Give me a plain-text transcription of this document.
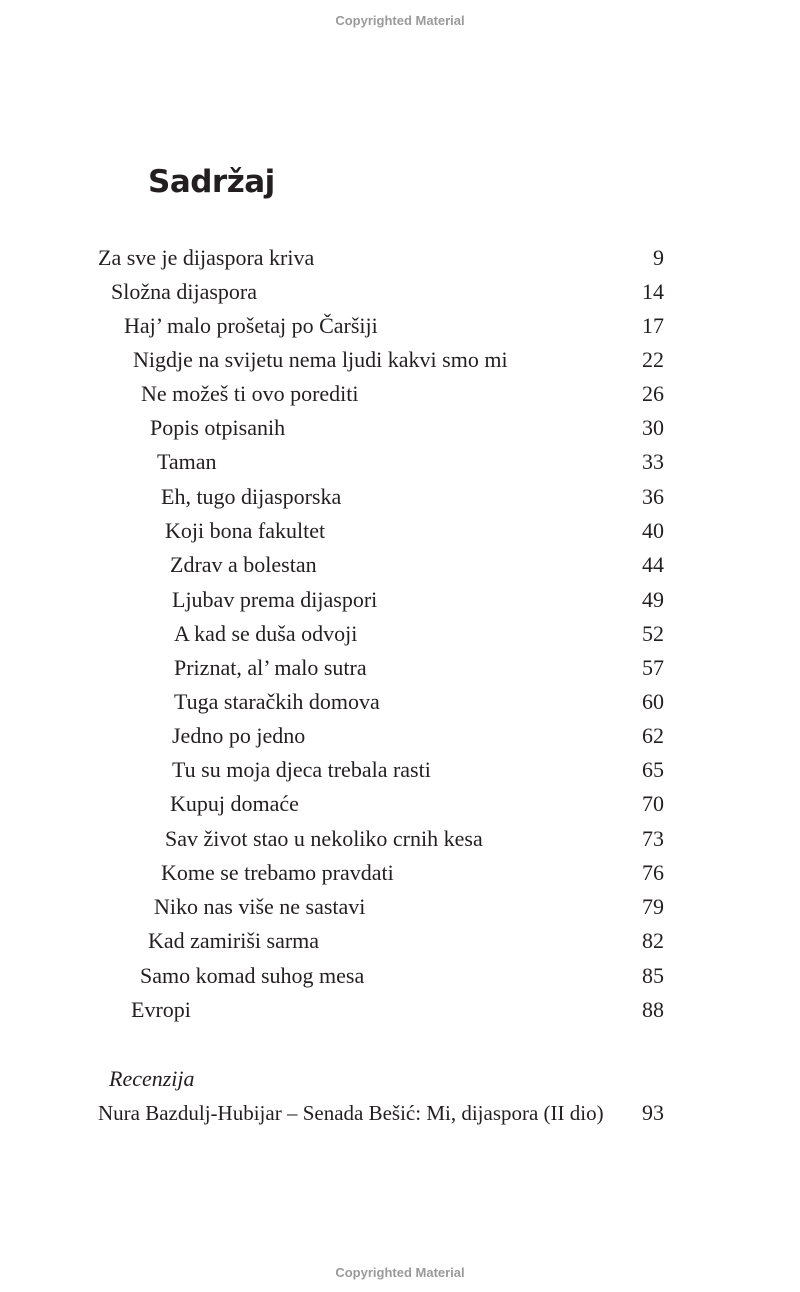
Copyrighted Material
Sadržaj
Za sve je dijaspora kriva	9
Složna dijaspora	14
Haj’ malo prošetaj po Čaršiji	17
Nigdje na svijetu nema ljudi kakvi smo mi	22
Ne možeš ti ovo porediti	26
Popis otpisanih	30
Taman	33
Eh, tugo dijasporska	36
Koji bona fakultet	40
Zdrav a bolestan	44
Ljubav prema dijaspori	49
A kad se duša odvoji	52
Priznat, al’ malo sutra	57
Tuga staračkih domova	60
Jedno po jedno	62
Tu su moja djeca trebala rasti	65
Kupuj domaće	70
Sav život stao u nekoliko crnih kesa	73
Kome se trebamo pravdati	76
Niko nas više ne sastavi	79
Kad zamiriši sarma	82
Samo komad suhog mesa	85
Evropi	88
Recenzija
Nura Bazdulj-Hubijar – Senada Bešić: Mi, dijaspora (II dio) 93
Copyrighted Material
